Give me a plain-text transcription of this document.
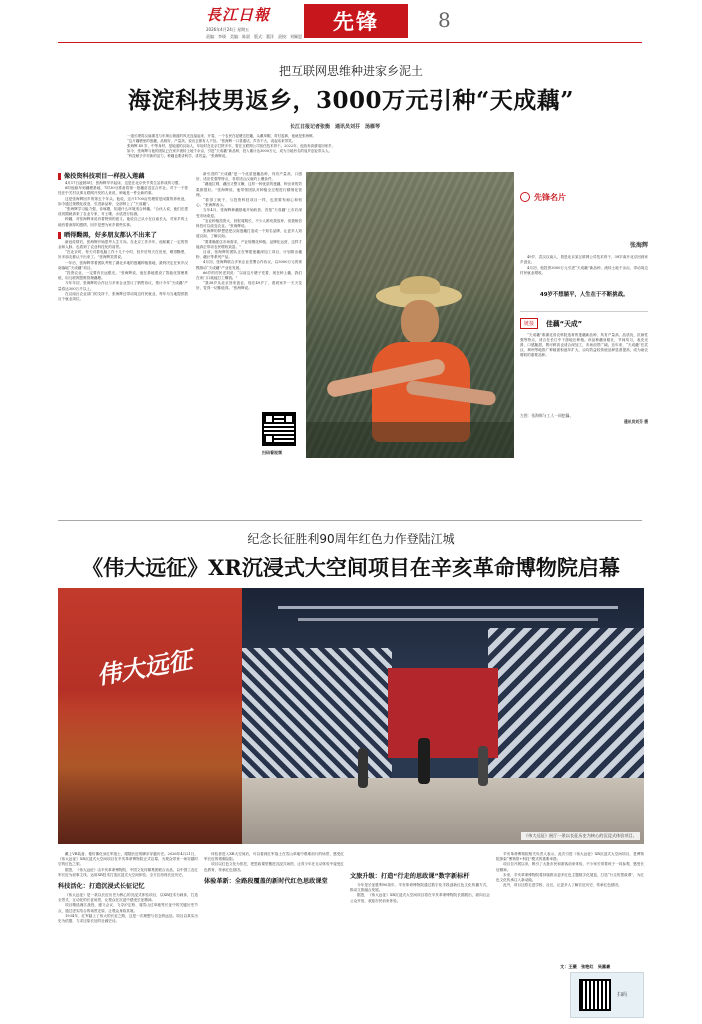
長江日報
2026年4月24日 星期五
责编：李瑛　美编：陈晨　版式：董洋　责校：刘佩恩
先锋	8
把互联网思维种进家乡泥土
海淀科技男返乡，3000万元引种“天成藕”
长江日报记者张衡　通讯员刘芬　汤雁琴

一道长堤将汉南湖龙与东荆山街道的风光连接起来，开春，一个农民在泥塘边挖藕，头戴草帽，青衬蓝裤，他就是张海辉。

“这片藕塘里的莲藕，品相好、产量高，说出去都有人不信。”张海辉一口普通话，声音不大，说起话来带笑。

张海辉 49 岁，中等身材，是地道的汉南人，年轻时在北京打拼多年，曾在互联网公司担任技术骨干。2022年，他放弃高薪返回家乡，

如今，张海辉与他的团队已在家乡流转土地千余亩，引进“天成藕”新品种，投入累计达3000万元，成为当地有名的返乡创业带头人。

“科技赋予乡村新的活力，种藕也要讲科学、讲效益。”张海辉说。

像投资科技项目一样投入莲藕

4月17日凌晨5时，张海辉早早起床，这是在北京快节奏生活养成的习惯。

6时他驱车到藕塘基地，7时30分准备将第一批藕苗送往合作社。对于一个曾经在中关村从事互联网开发的人来说，种地是一件全新的事。

这是张海辉回乡的第五个年头。他说，这片1700亩荒塘曾是闲置的养鱼池，如今通过规模化改造，引进新品种，全部种上了“天成藕”。

“张海辉学习能力强，肯琢磨，知道什么环境适合种藕。”合伙人说，他们在建设初期就请来了农业专家，对土壤、水质进行检测。

种藕，对张海辉来说有着特别的意义。他说自己从小在汉南长大，对家乡的土地有着深厚的感情，回乡是想为家乡做些实事。

晒得黝黑，好多朋友都认不出来了

新冠疫情后，张海辉开始思考人生方向。在北京工作多年，他积累了一定的资金和人脉，也看到了农业科技化的前景。

“在北京时，每天对着电脑工作十几个小时，回乡后每天在田里，晒得黝黑，好多朋友都认不出来了。”张海辉笑着说。

一年后，张海辉带着团队考察了湖北多地的莲藕种植基地，最终决定在家乡汉南落地“天成藕”项目。

“投资农业，一定要有长远眼光。”张海辉说，他在基地建设了智能化管理系统，用互联网思维管理藕塘。

今年年初，张海辉的合作社与多家企业签订了销售协议，预计今年“天成藕”产量将达300万斤以上。

在汉南区农业部门的支持下，张海辉还带动周边村民就业，每年为当地提供数百个就业岗位。

新引进的“天成藕”是一个优质莲藕品种，具有产量高、口感好、适应性强等特点，非常适合汉南的土壤条件。

“藕池拉网，藕田又整又嫩，这样一种优质的莲藕，种出来的效果都很好。”张海辉说，他带领团队对种植全过程进行精细化管理。

“看得了就干，与投资科技项目一样，也需要有耐心和恒心。”张海辉表示。

当年4月，张海辉种藕基地开始收获，首批“天成藕”上市后深受市场欢迎。

“农业种植投资大、回报周期长，不少人都劝我放弃，但我相信科技可以改变农业。”张海辉说。

张海辉的梦想是把汉南莲藕打造成一个知名品牌，让更多人知道汉南、了解汉南。

“要准确抓住市场需求，产业规模化种植，品牌化运营，这样才能真正带动农民增收致富。”

目前，张海辉的团队正在筹建莲藕深加工项目，计划推出藕粉、藕汁等系列产品。

4月初，张海辉联合多家企业签署合作协议，以3000万元的规模推动“天成藕”产业化发展。

66岁的村民老刘说：“以前这片塘子荒着，现在种上藕，我们在家门口就能打工赚钱。”

“我38岁从北京回来创业，现在49岁了，看到家乡一天天变好，觉得一切都值得。”张海辉说。

扫码看视频
先锋名片
张海辉

49岁，武汉汉南人，曾是北京某互联网公司技术骨干，38岁离开北京回到家乡创业。

4月初，他投资3000万元引进“天成藕”新品种，流转土地千余亩，带动周边村民就业增收。

49岁不想躺平，人生在于不断挑战。
链接	佳藕“天成”

“天成藕”系湖北省农科院选育的莲藕新品种，具有产量高、品质优、抗病性强等特点，适合在长江中下游地区种植。该品种藕身粗壮，节间均匀，表皮光滑，口感脆甜，既可鲜食也适合深加工，市场前景广阔。近年来，“天成藕”在武汉、荆州等地推广种植面积逐年扩大，亩均效益较传统品种显著提高，成为助农增收的重要品种。

左图：张海辉与工人一同挖藕。
通讯员刘芬 摄
纪念长征胜利90周年红色力作登陆江城
《伟大远征》XR沉浸式大空间项目在辛亥革命博物院启幕
伟大远征
《伟大远征》展厅一景以长征历史为核心的沉浸式体验项目。

戴上VR装备，便仿佛化身红军战士，跟随长征的脚步穿越历史。2026年4月21日，《伟大远征》XR沉浸式大空间项目在辛亥革命博物院正式启幕，为观众带来一场穿越时空的红色之旅。

据悉，《伟大远征》由辛亥革命博物院、中国文化传媒集团联合出品，以中国工农红军长征为叙事主线，运用XR技术打造沉浸式大空间体验，全方位再现长征历史。

科技活化：打造沉浸式长征记忆

《伟大远征》是一款以长征历史为核心的沉浸式体验项目，以XR技术为载体，打造全景式、互动化的长征场景，让观众在沉浸中感受长征精神。

项目精选湘江战役、遵义会议、飞夺泸定桥、爬雪山过草地等长征中的关键历史节点，通过虚实结合的场景还原，让观众身临其境。

1934年，红军踏上了伟大的长征之路，这是一次理想与信念的远征。项目以真实历史为依据，力求还原长征的壮阔史诗。

体验者进入XR大空间后，可以看到红军战士在雪山草地中艰难前行的场景，感受红军长征的艰难险阻。

项目以红色文化为依托，把思政课堂搬进沉浸式场馆，让青少年在互动体验中接受红色教育，传承红色基因。

体验革新：全路段覆盖的新时代红色思政课堂
文旅升级：打造“行走的思政课”数字新标杆

今年是长征胜利90周年，辛亥革命博物院通过数字化手段创新红色文化传播方式，推动文旅融合发展。

据悉，《伟大远征》XR沉浸式大空间项目将在辛亥革命博物院长期展出，面向社会公众开放，欢迎市民前来体验。

辛亥革命博物院相关负责人表示，此次引进《伟大远征》XR沉浸式大空间项目，是博物院探索“博物馆+科技”模式的重要举措。

项目自开展以来，吸引了大批市民和游客前来体验，不少家长带着孩子一同参观，感受长征精神。

未来，辛亥革命博物院将持续推出更多红色主题数字化展览，打造“行走的思政课”，为红色文化传承注入新动能。

此外，项目还将走进学校、社区，让更多人了解长征历史，传承红色基因。

文：王薇　张艳红　吴嘉豪
扫码
